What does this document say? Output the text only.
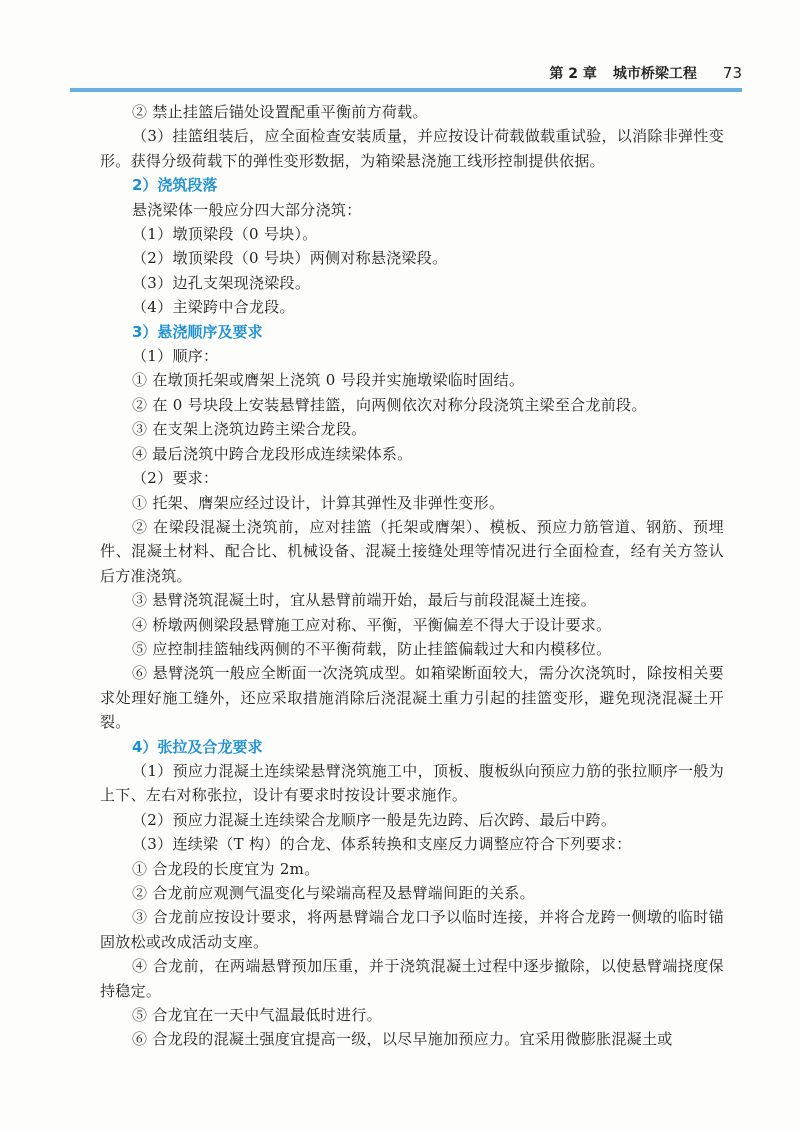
第 2 章 城市桥梁工程 73

② 禁止挂篮后锚处设置配重平衡前方荷载。

（3）挂篮组装后，应全面检查安装质量，并应按设计荷载做载重试验，以消除非弹性变形。获得分级荷载下的弹性变形数据，为箱梁悬浇施工线形控制提供依据。

2）浇筑段落

悬浇梁体一般应分四大部分浇筑：

（1）墩顶梁段（0 号块）。

（2）墩顶梁段（0 号块）两侧对称悬浇梁段。

（3）边孔支架现浇梁段。

（4）主梁跨中合龙段。

3）悬浇顺序及要求

（1）顺序：

① 在墩顶托架或膺架上浇筑 0 号段并实施墩梁临时固结。

② 在 0 号块段上安装悬臂挂篮，向两侧依次对称分段浇筑主梁至合龙前段。

③ 在支架上浇筑边跨主梁合龙段。

④ 最后浇筑中跨合龙段形成连续梁体系。

（2）要求：

① 托架、膺架应经过设计，计算其弹性及非弹性变形。

② 在梁段混凝土浇筑前，应对挂篮（托架或膺架）、模板、预应力筋管道、钢筋、预埋件、混凝土材料、配合比、机械设备、混凝土接缝处理等情况进行全面检查，经有关方签认后方准浇筑。

③ 悬臂浇筑混凝土时，宜从悬臂前端开始，最后与前段混凝土连接。

④ 桥墩两侧梁段悬臂施工应对称、平衡，平衡偏差不得大于设计要求。

⑤ 应控制挂篮轴线两侧的不平衡荷载，防止挂篮偏载过大和内模移位。

⑥ 悬臂浇筑一般应全断面一次浇筑成型。如箱梁断面较大，需分次浇筑时，除按相关要求处理好施工缝外，还应采取措施消除后浇混凝土重力引起的挂篮变形，避免现浇混凝土开裂。

4）张拉及合龙要求

（1）预应力混凝土连续梁悬臂浇筑施工中，顶板、腹板纵向预应力筋的张拉顺序一般为上下、左右对称张拉，设计有要求时按设计要求施作。

（2）预应力混凝土连续梁合龙顺序一般是先边跨、后次跨、最后中跨。

（3）连续梁（T 构）的合龙、体系转换和支座反力调整应符合下列要求：

① 合龙段的长度宜为 2m。

② 合龙前应观测气温变化与梁端高程及悬臂端间距的关系。

③ 合龙前应按设计要求，将两悬臂端合龙口予以临时连接，并将合龙跨一侧墩的临时锚固放松或改成活动支座。

④ 合龙前，在两端悬臂预加压重，并于浇筑混凝土过程中逐步撤除，以使悬臂端挠度保持稳定。

⑤ 合龙宜在一天中气温最低时进行。

⑥ 合龙段的混凝土强度宜提高一级，以尽早施加预应力。宜采用微膨胀混凝土或
